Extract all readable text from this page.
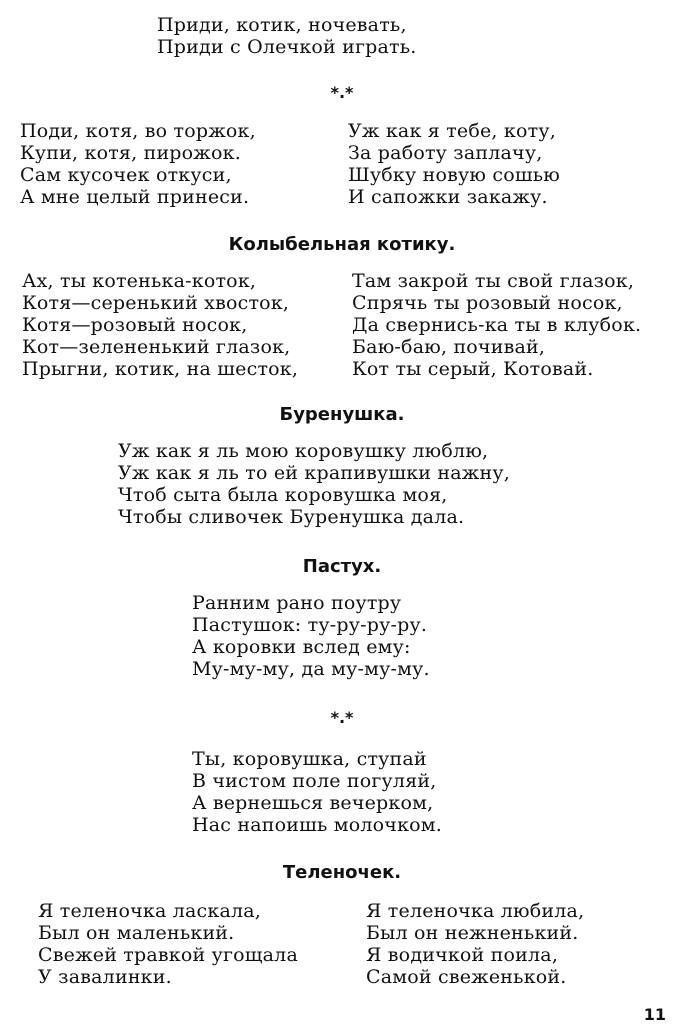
Приди, котик, ночевать,
Приди с Олечкой играть.
*.*
Поди, котя, во торжок,
Купи, котя, пирожок.
Сам кусочек откуси,
А мне целый принеси.
Уж как я тебе, коту,
За работу заплачу,
Шубку новую сошью
И сапожки закажу.
Колыбельная котику.
Ах, ты котенька-коток,
Котя—серенький хвосток,
Котя—розовый носок,
Кот—зелененький глазок,
Прыгни, котик, на шесток,
Там закрой ты свой глазок,
Спрячь ты розовый носок,
Да свернись-ка ты в клубок.
Баю-баю, почивай,
Кот ты серый, Котовай.
Буренушка.
Уж как я ль мою коровушку люблю,
Уж как я ль то ей крапивушки нажну,
Чтоб сыта была коровушка моя,
Чтобы сливочек Буренушка дала.
Пастух.
Ранним рано поутру
Пастушок: ту-ру-ру-ру.
А коровки вслед ему:
Му-му-му, да му-му-му.
*.*
Ты, коровушка, ступай
В чистом поле погуляй,
А вернешься вечерком,
Нас напоишь молочком.
Теленочек.
Я теленочка ласкала,
Был он маленький.
Свежей травкой угощала
У завалинки.
Я теленочка любила,
Был он нежненький.
Я водичкой поила,
Самой свеженькой.
11
